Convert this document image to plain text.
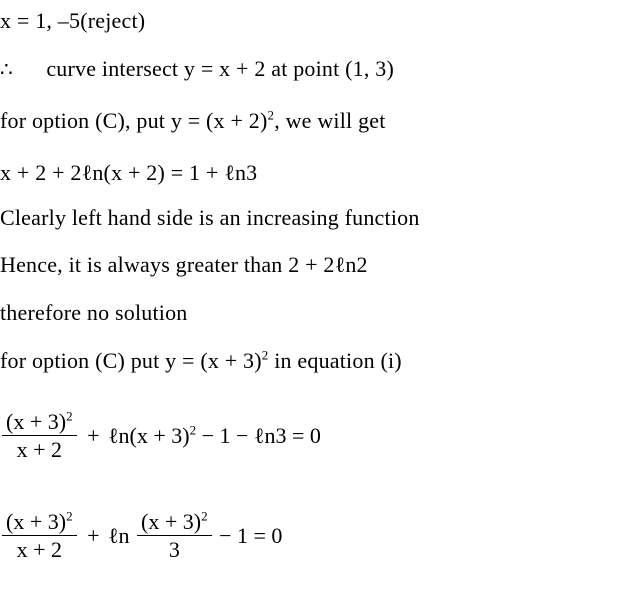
x = 1, –5(reject)
∴ curve intersect y = x + 2 at point (1, 3)
for option (C), put $y = (x + 2)^2$, we will get
x + 2 + 2ℓn(x + 2) = 1 + ℓn3
Clearly left hand side is an increasing function
Hence, it is always greater than 2 + 2ℓn2
therefore no solution
for option (C) put $y = (x + 3)^2$ in equation (i)
$\frac{(x + 3)^2}{x + 2}$ + ℓn(x + 3)$^2$ − 1 − ℓn3 = 0
$\frac{(x + 3)^2}{x + 2}$ + ℓn $\frac{(x + 3)^2}{3} - 1 = 0$
